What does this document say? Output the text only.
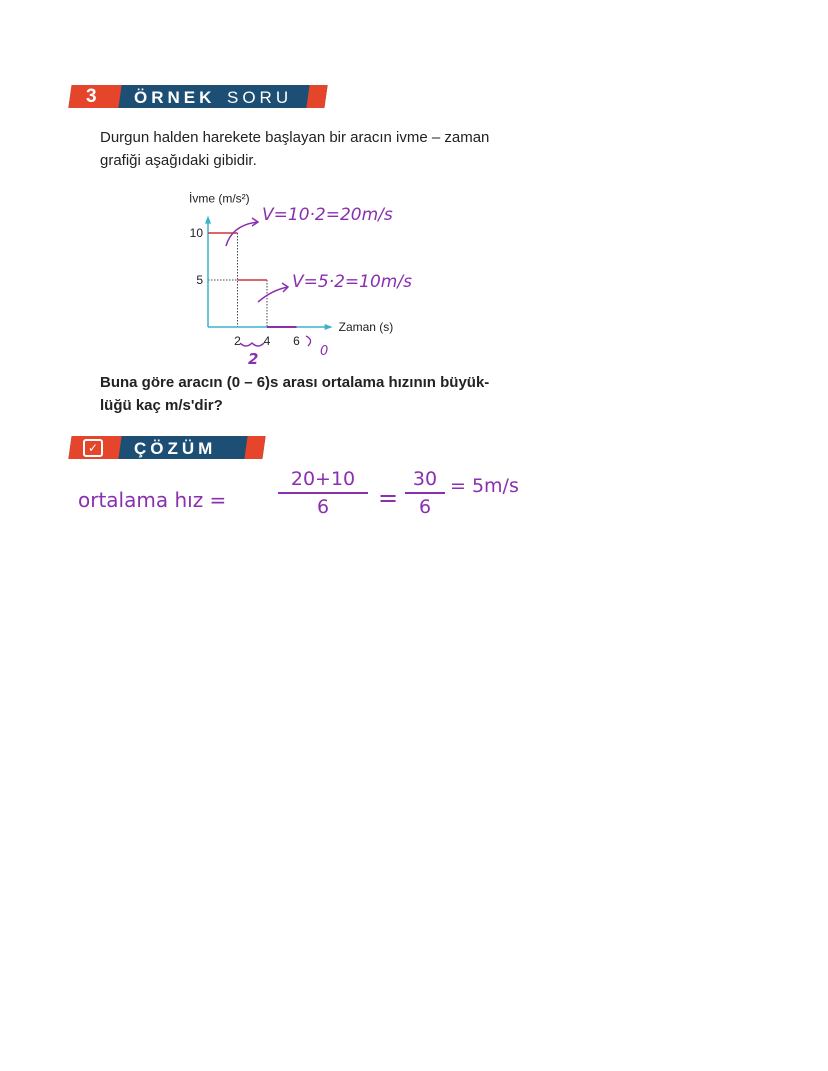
3 ÖRNEK SORU
Durgun halden harekete başlayan bir aracın ivme – zaman
grafiği aşağıdaki gibidir.
İvme (m/s²)
Zaman (s)
10
5
2 4 6
V=10·2=20m/s
V=5·2=10m/s
2	0
Buna göre aracın (0 – 6)s arası ortalama hızının büyük-
lüğü kaç m/s'dir?
✓ ÇÖZÜM
ortalama hız =
20+10
6	=
30
6
= 5m/s
